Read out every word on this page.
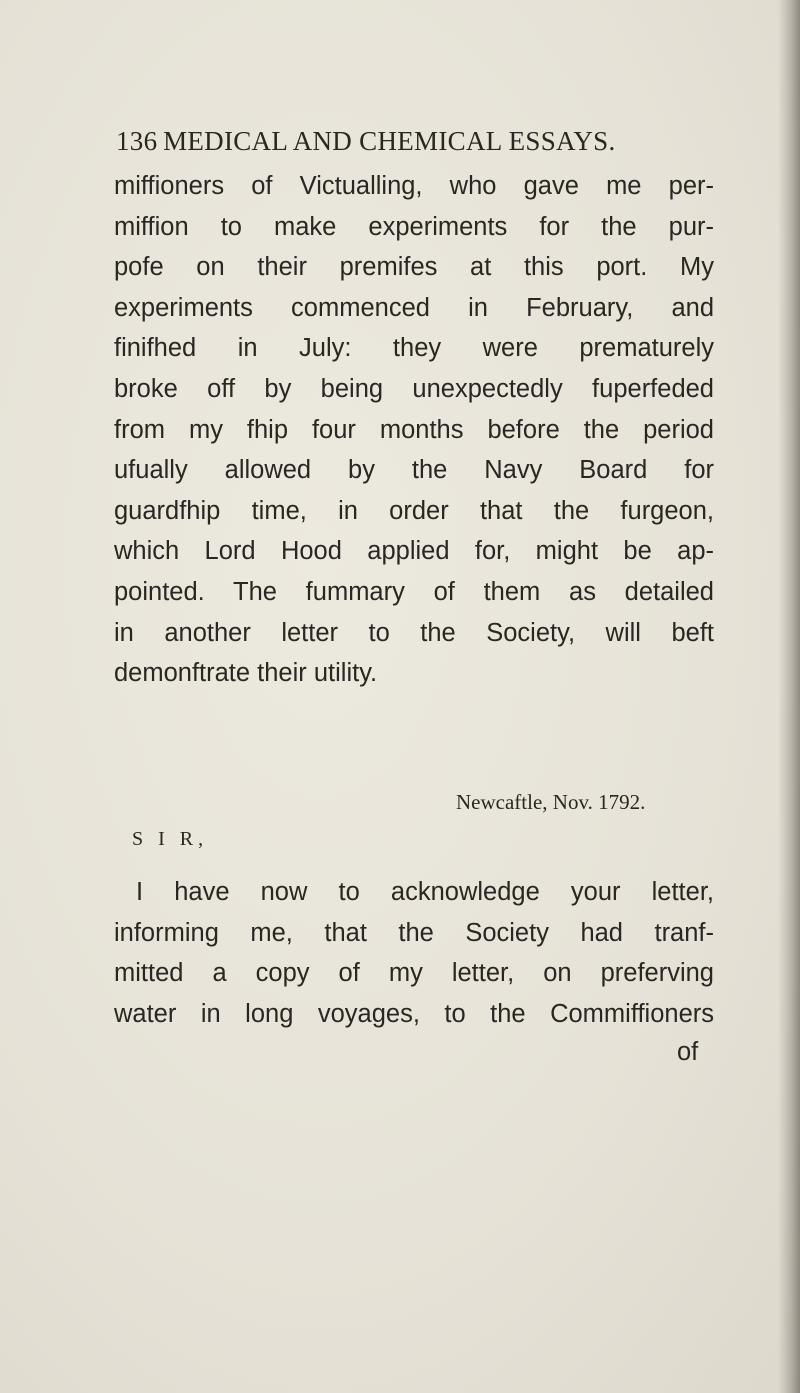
136 MEDICAL AND CHEMICAL ESSAYS.
miffioners of Victualling, who gave me per-
miffion to make experiments for the pur-
pofe on their premifes at this port. My
experiments commenced in February, and
finifhed in July: they were prematurely
broke off by being unexpectedly fuperfeded
from my fhip four months before the period
ufually allowed by the Navy Board for
guardfhip time, in order that the furgeon,
which Lord Hood applied for, might be ap-
pointed. The fummary of them as detailed
in another letter to the Society, will beft
demonftrate their utility.
Newcaftle, Nov. 1792.
S I R,
I have now to acknowledge your letter,
informing me, that the Society had tranf-
mitted a copy of my letter, on preferving
water in long voyages, to the Commiffioners
of
